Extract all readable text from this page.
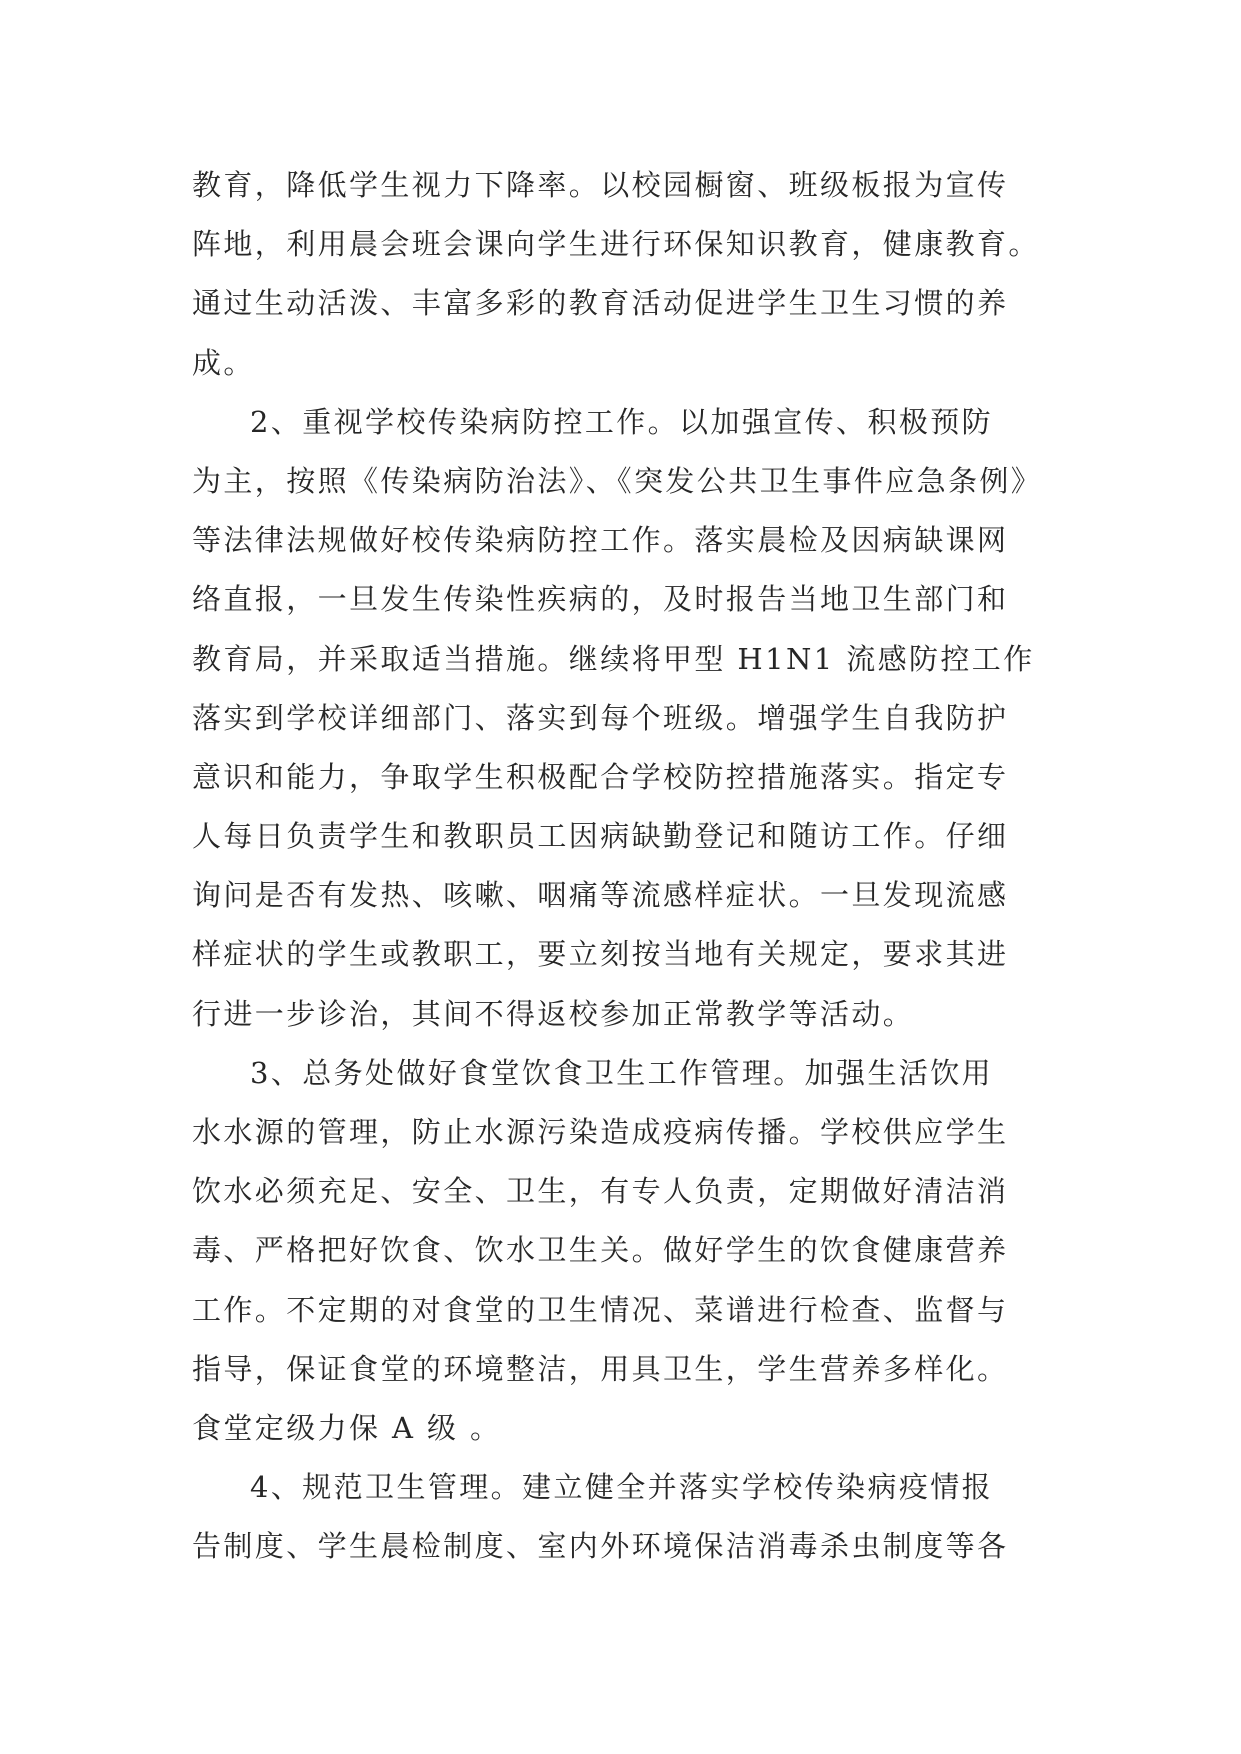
教育，降低学生视力下降率。以校园橱窗、班级板报为宣传
阵地，利用晨会班会课向学生进行环保知识教育，健康教育。
通过生动活泼、丰富多彩的教育活动促进学生卫生习惯的养
成。
2、重视学校传染病防控工作。以加强宣传、积极预防
为主，按照《传染病防治法》、《突发公共卫生事件应急条例》
等法律法规做好校传染病防控工作。落实晨检及因病缺课网
络直报，一旦发生传染性疾病的，及时报告当地卫生部门和
教育局，并采取适当措施。继续将甲型 H1N1 流感防控工作
落实到学校详细部门、落实到每个班级。增强学生自我防护
意识和能力，争取学生积极配合学校防控措施落实。指定专
人每日负责学生和教职员工因病缺勤登记和随访工作。仔细
询问是否有发热、咳嗽、咽痛等流感样症状。一旦发现流感
样症状的学生或教职工，要立刻按当地有关规定，要求其进
行进一步诊治，其间不得返校参加正常教学等活动。
3、总务处做好食堂饮食卫生工作管理。加强生活饮用
水水源的管理，防止水源污染造成疫病传播。学校供应学生
饮水必须充足、安全、卫生，有专人负责，定期做好清洁消
毒、严格把好饮食、饮水卫生关。做好学生的饮食健康营养
工作。不定期的对食堂的卫生情况、菜谱进行检查、监督与
指导，保证食堂的环境整洁，用具卫生，学生营养多样化。
食堂定级力保 A 级 。
4、规范卫生管理。建立健全并落实学校传染病疫情报
告制度、学生晨检制度、室内外环境保洁消毒杀虫制度等各
